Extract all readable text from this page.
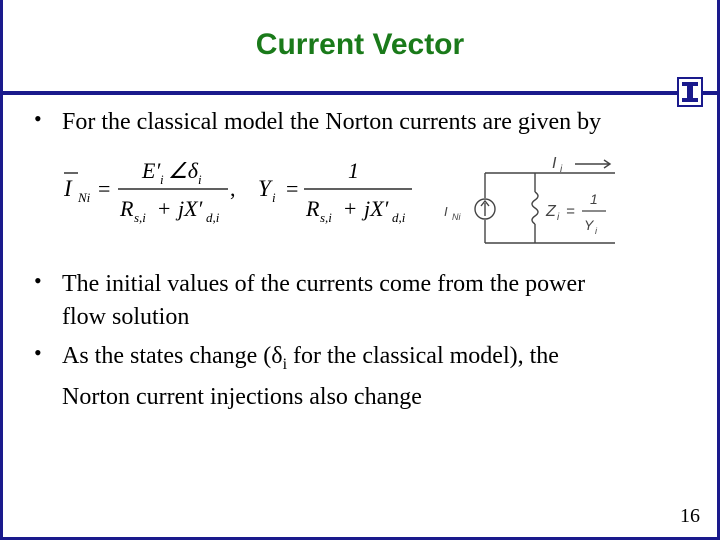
Current Vector
• For the classical model the Norton currents are given by
I Ni =
E′ i ∠δ i
R s,i + jX′ d,i
, Y i =
1
R s,i + jX′ d,i
I i
I Ni	Z i =
1
Y i
• The initial values of the currents come from the power
flow solution
• As the states change ($\delta_i$ for the classical model), the
Norton current injections also change
16
